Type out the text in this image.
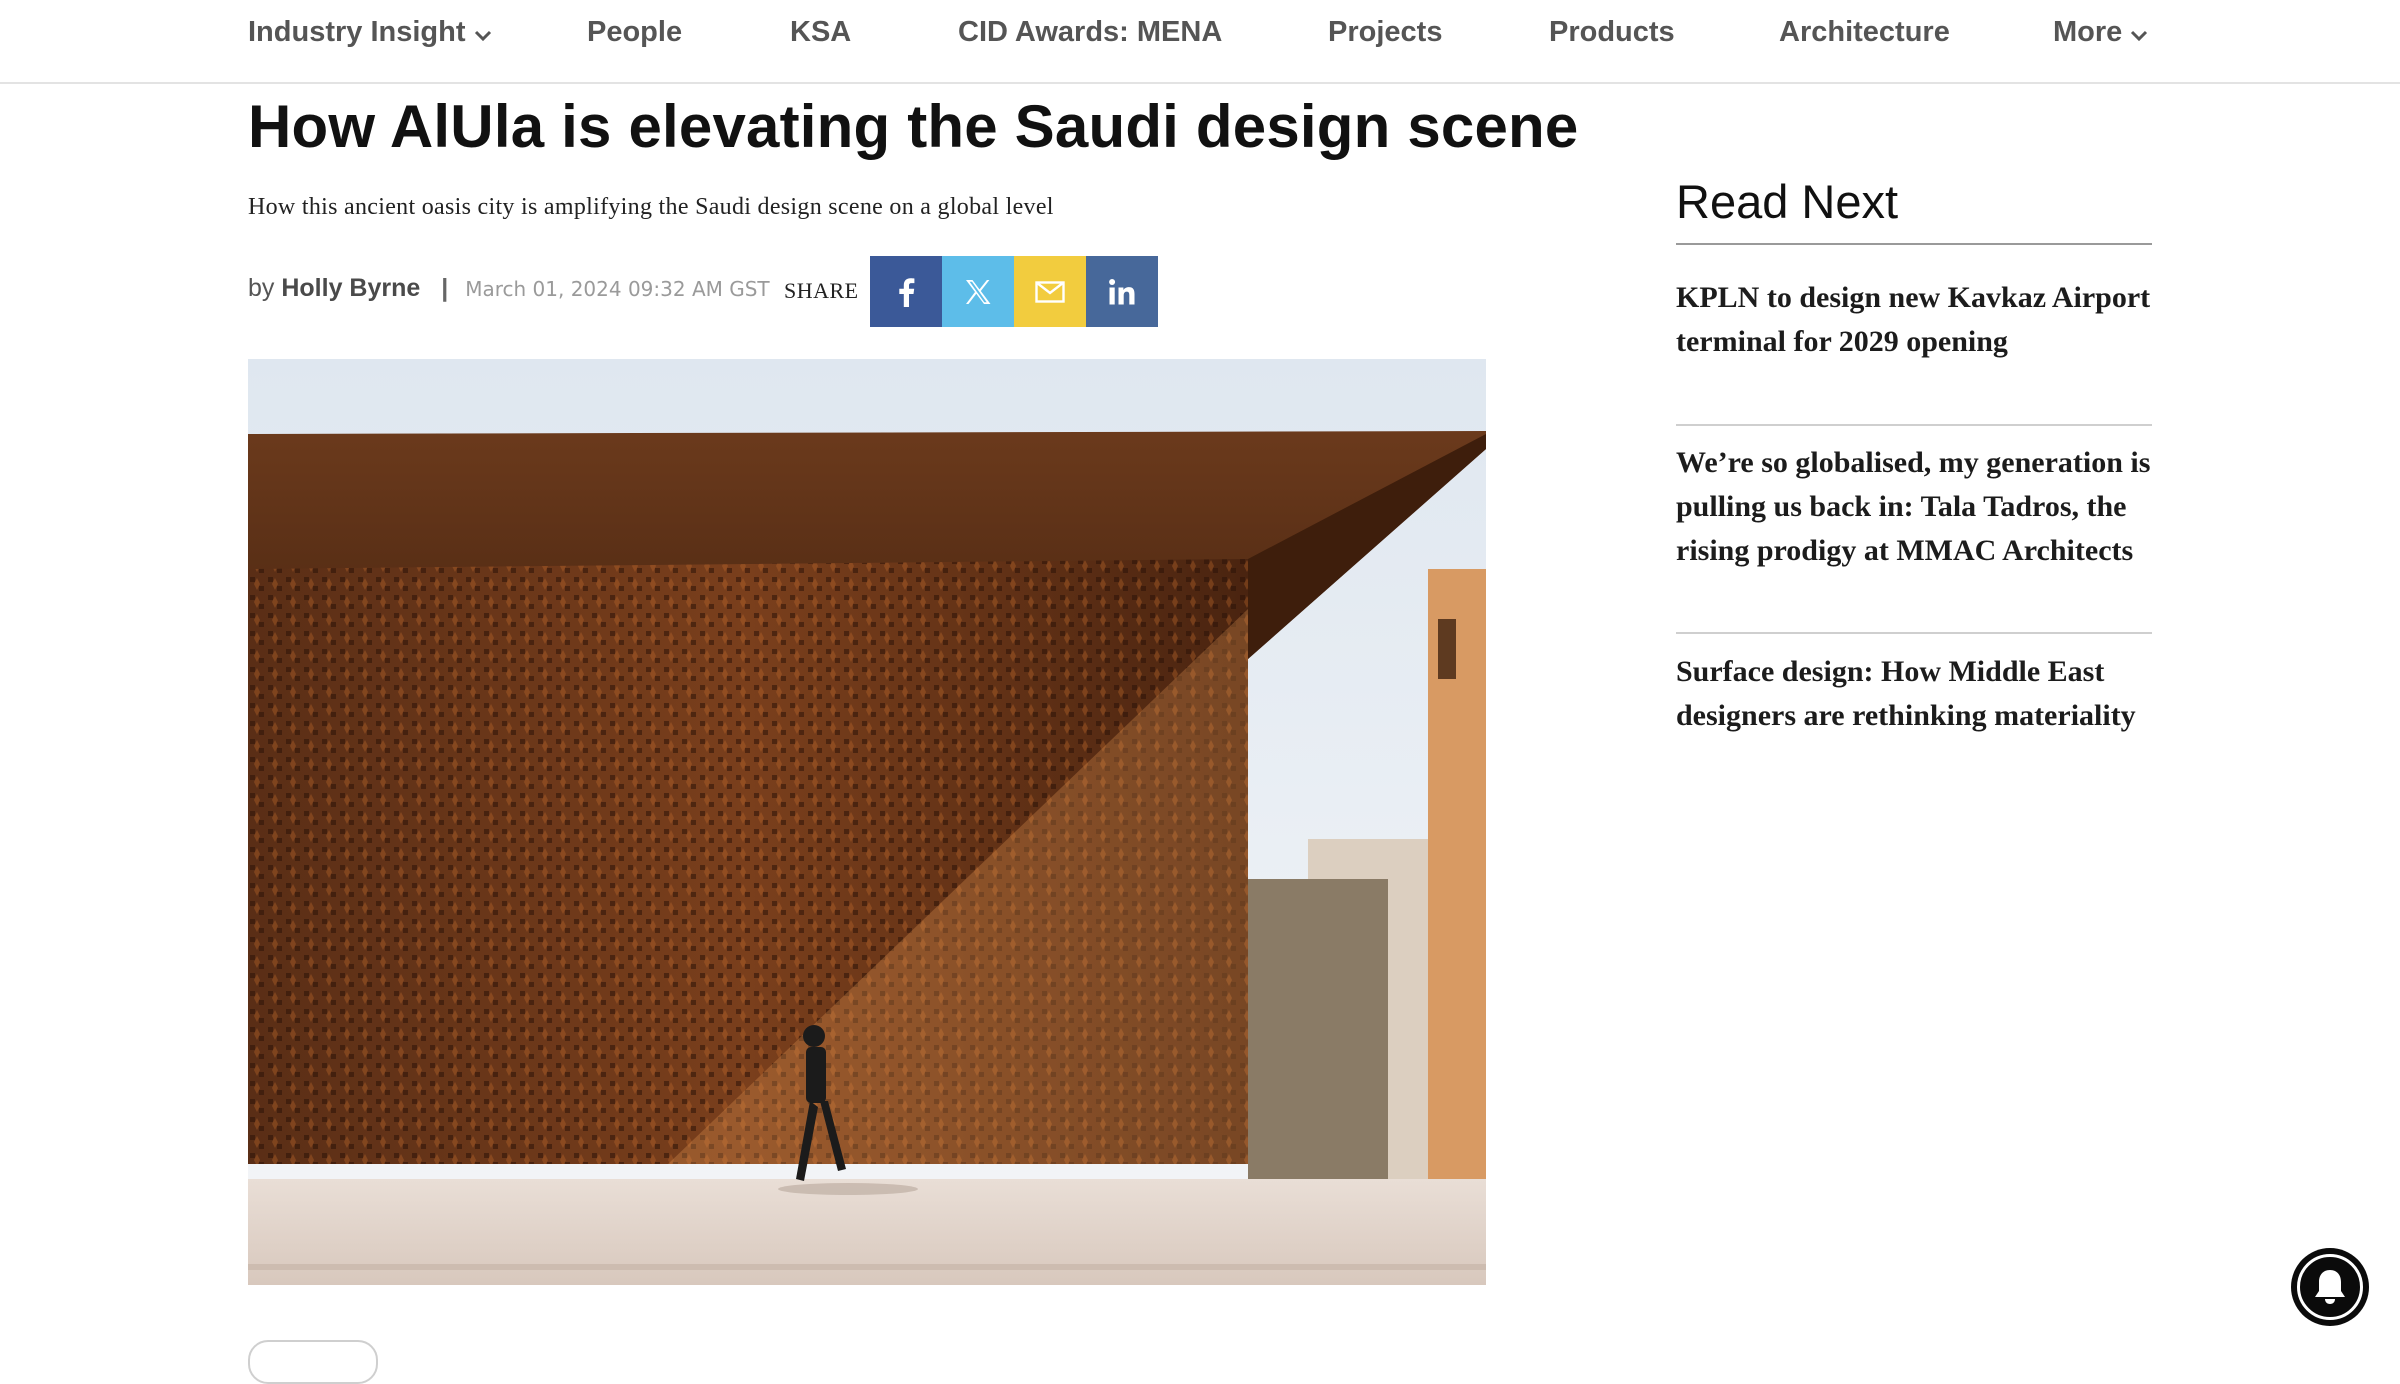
Industry Insight	People	KSA	CID Awards: MENA	Projects	Products	Architecture	More
How AlUla is elevating the Saudi design scene

How this ancient oasis city is amplifying the Saudi design scene on a global level

by Holly Byrne | March 01, 2024 09:32 AM GST SHARE
Read Next
KPLN to design new Kavkaz Airport terminal for 2029 opening
We’re so globalised, my generation is pulling us back in: Tala Tadros, the rising prodigy at MMAC Architects
Surface design: How Middle East designers are rethinking materiality
